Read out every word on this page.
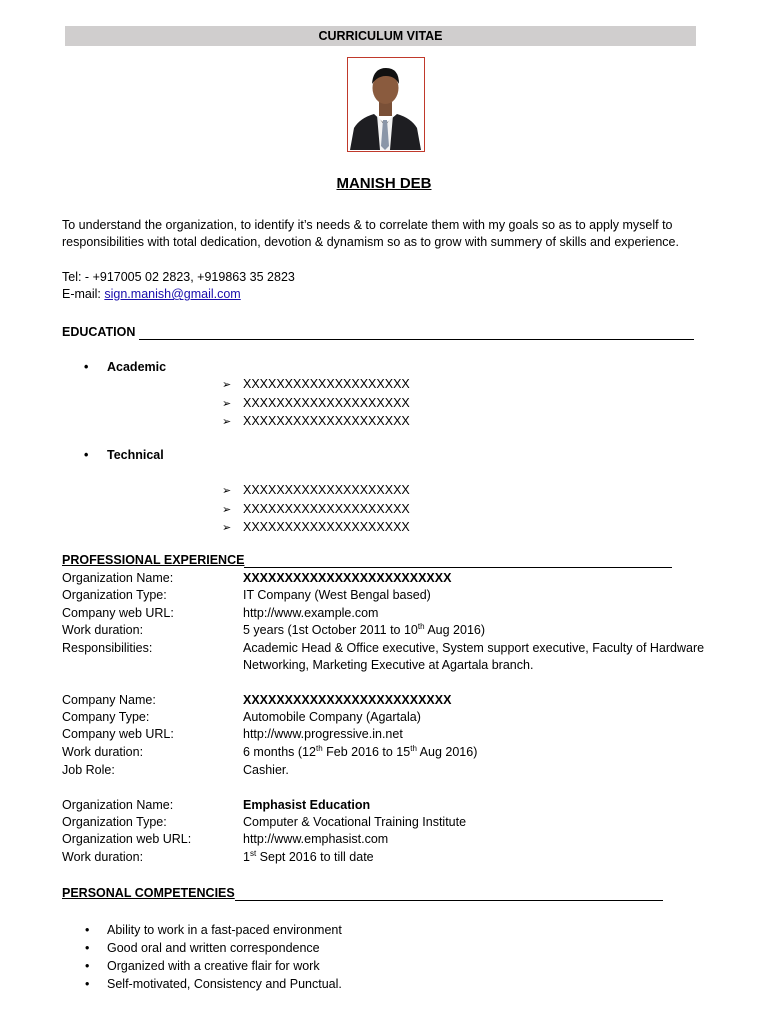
CURRICULUM VITAE
MANISH DEB
To understand the organization, to identify it’s needs & to correlate them with my goals so as to apply myself to responsibilities with total dedication, devotion & dynamism so as to grow with summery of skills and experience.
Tel: - +917005 02 2823, +919863 35 2823
E-mail: sign.manish@gmail.com
EDUCATION
• Academic
➢ XXXXXXXXXXXXXXXXXXXX
➢ XXXXXXXXXXXXXXXXXXXX
➢ XXXXXXXXXXXXXXXXXXXX
• Technical
➢ XXXXXXXXXXXXXXXXXXXX
➢ XXXXXXXXXXXXXXXXXXXX
➢ XXXXXXXXXXXXXXXXXXXX
PROFESSIONAL EXPERIENCE
Organization Name:	XXXXXXXXXXXXXXXXXXXXXXXXX
Organization Type:	IT Company (West Bengal based)
Company web URL:	http://www.example.com
Work duration:	5 years (1st October 2011 to 10th Aug 2016)
Responsibilities:	Academic Head & Office executive, System support executive, Faculty of Hardware
Networking, Marketing Executive at Agartala branch.
Company Name:	XXXXXXXXXXXXXXXXXXXXXXXXX
Company Type:	Automobile Company (Agartala)
Company web URL:	http://www.progressive.in.net
Work duration:	6 months (12th Feb 2016 to 15th Aug 2016)
Job Role:	Cashier.
Organization Name:	Emphasist Education
Organization Type:	Computer & Vocational Training Institute
Organization web URL:	http://www.emphasist.com
Work duration:	1st Sept 2016 to till date
PERSONAL COMPETENCIES
• Ability to work in a fast-paced environment
• Good oral and written correspondence
• Organized with a creative flair for work
• Self-motivated, Consistency and Punctual.
